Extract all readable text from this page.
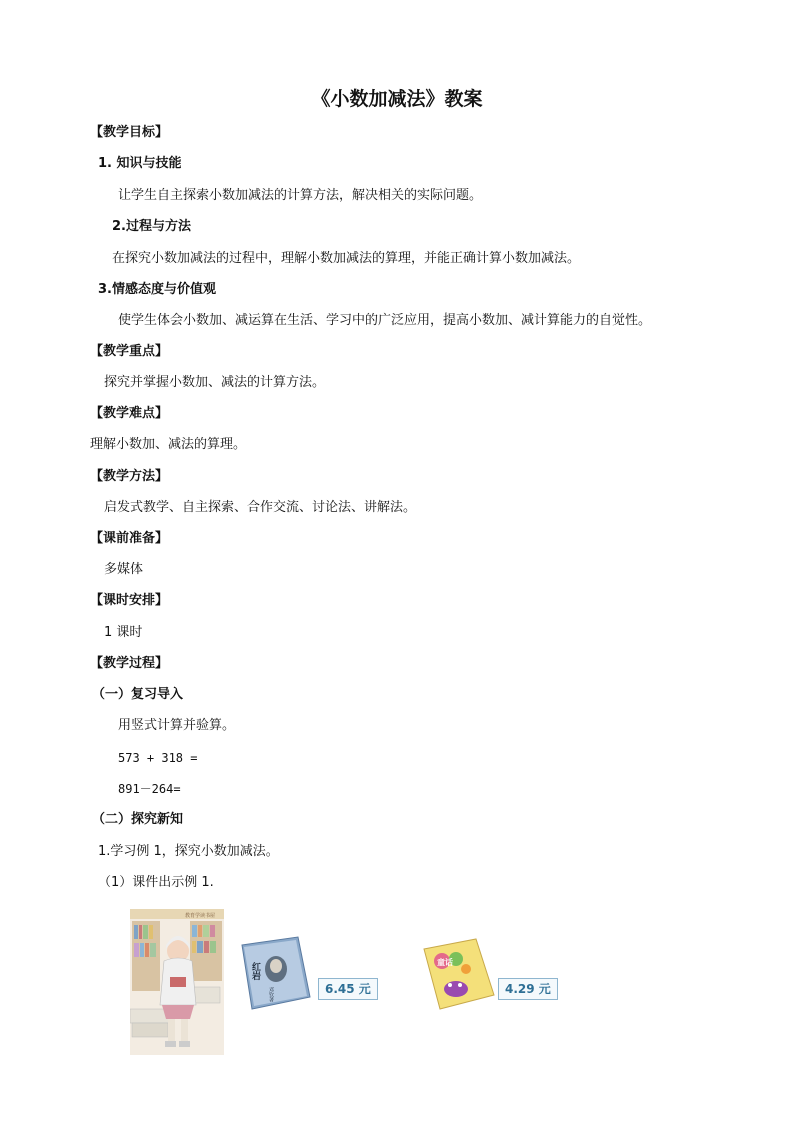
《小数加减法》教案
【教学目标】
1. 知识与技能
让学生自主探索小数加减法的计算方法，解决相关的实际问题。
2.过程与方法
在探究小数加减法的过程中，理解小数加减法的算理，并能正确计算小数加减法。
3.情感态度与价值观
使学生体会小数加、减运算在生活、学习中的广泛应用，提高小数加、减计算能力的自觉性。
【教学重点】
探究并掌握小数加、减法的计算方法。
【教学难点】
理解小数加、减法的算理。
【教学方法】
启发式教学、自主探索、合作交流、讨论法、讲解法。
【课前准备】
多媒体
【课时安排】
1 课时
【教学过程】
（一）复习导入
用竖式计算并验算。
573 + 318 =
891－264=
（二）探究新知
1.学习例 1，探究小数加减法。
（1）课件出示例 1.
教育学读书屋
红岩
邓钦著	6.45 元
童话
4.29 元
